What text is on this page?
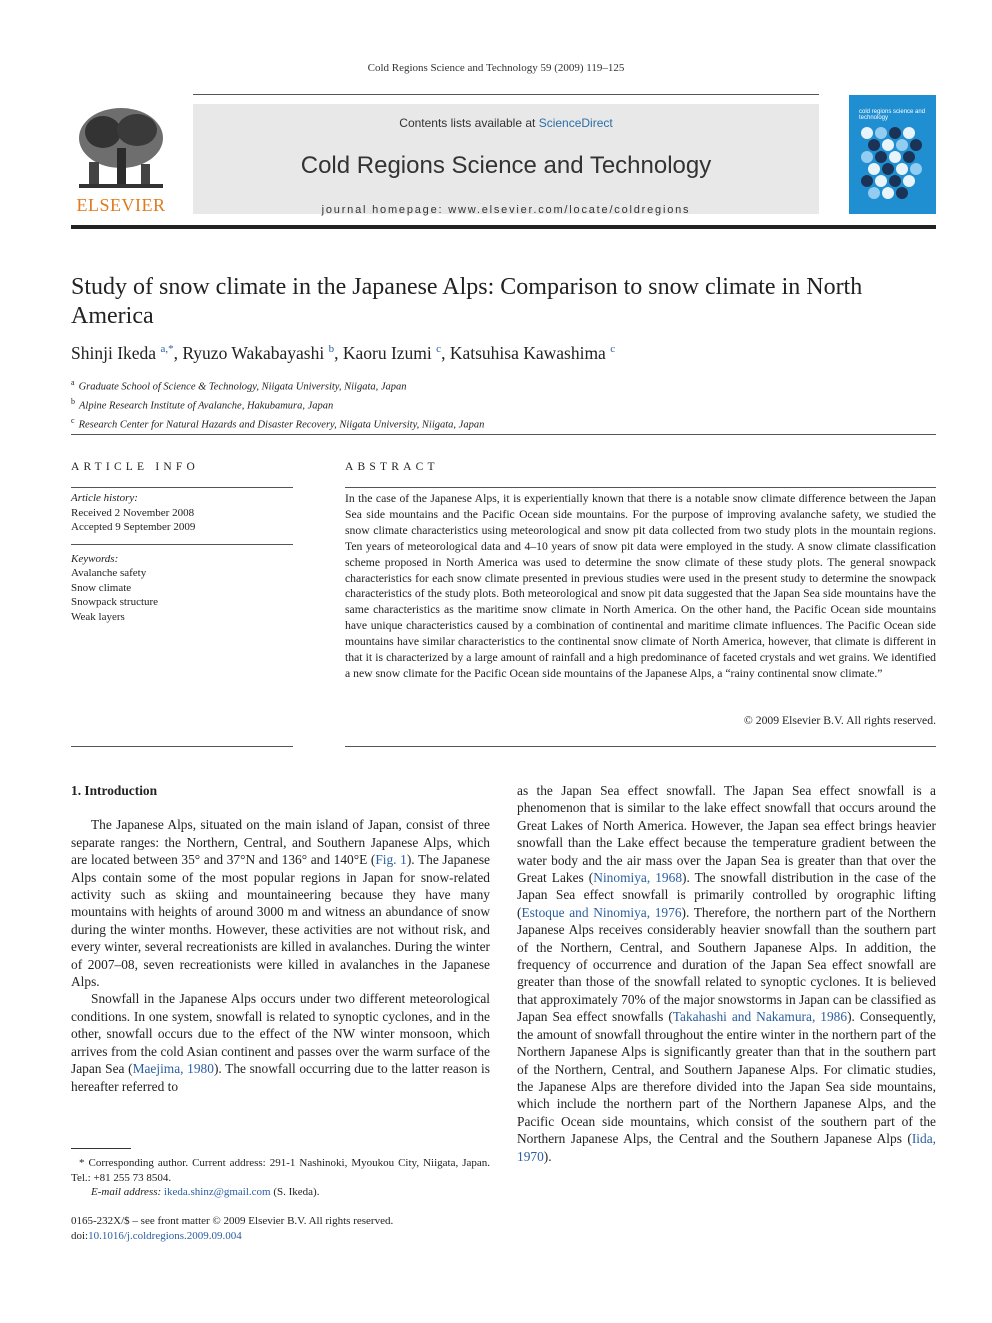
Cold Regions Science and Technology 59 (2009) 119–125
ELSEVIER
Contents lists available at ScienceDirect
Cold Regions Science and Technology
journal homepage: www.elsevier.com/locate/coldregions
cold regions science and technology
Study of snow climate in the Japanese Alps: Comparison to snow climate in North America
Shinji Ikeda $^{a,*}$, Ryuzo Wakabayashi $^b$, Kaoru Izumi $^c$, Katsuhisa Kawashima $^c$
$^a$ Graduate School of Science & Technology, Niigata University, Niigata, Japan
$^b$ Alpine Research Institute of Avalanche, Hakubamura, Japan
$^c$ Research Center for Natural Hazards and Disaster Recovery, Niigata University, Niigata, Japan
ARTICLE INFO	ABSTRACT
Article history:
Received 2 November 2008
Accepted 9 September 2009
Keywords:
Avalanche safety
Snow climate
Snowpack structure
Weak layers
In the case of the Japanese Alps, it is experientially known that there is a notable snow climate difference between the Japan Sea side mountains and the Pacific Ocean side mountains. For the purpose of improving avalanche safety, we studied the snow climate characteristics using meteorological and snow pit data collected from two study plots in the mountain regions. Ten years of meteorological data and 4–10 years of snow pit data were employed in the study. A snow climate classification scheme proposed in North America was used to determine the snow climate of these study plots. The general snowpack characteristics for each snow climate presented in previous studies were used in the present study to determine the snowpack characteristics of the study plots. Both meteorological and snow pit data suggested that the Japan Sea side mountains have the same characteristics as the maritime snow climate in North America. On the other hand, the Pacific Ocean side mountains have unique characteristics caused by a combination of continental and maritime climate influences. The Pacific Ocean side mountains have similar characteristics to the continental snow climate of North America, however, that climate is different in that it is characterized by a large amount of rainfall and a high predominance of faceted crystals and wet grains. We identified a new snow climate for the Pacific Ocean side mountains of the Japanese Alps, a “rainy continental snow climate.”
© 2009 Elsevier B.V. All rights reserved.
1. Introduction

The Japanese Alps, situated on the main island of Japan, consist of three separate ranges: the Northern, Central, and Southern Japanese Alps, which are located between 35° and 37°N and 136° and 140°E (Fig. 1). The Japanese Alps contain some of the most popular regions in Japan for snow-related activity such as skiing and mountaineering because they have many mountains with heights of around 3000 m and witness an abundance of snow during the winter months. However, these activities are not without risk, and every winter, several recreationists are killed in avalanches. During the winter of 2007–08, seven recreationists were killed in avalanches in the Japanese Alps.

Snowfall in the Japanese Alps occurs under two different meteorological conditions. In one system, snowfall is related to synoptic cyclones, and in the other, snowfall occurs due to the effect of the NW winter monsoon, which arrives from the cold Asian continent and passes over the warm surface of the Japan Sea (Maejima, 1980). The snowfall occurring due to the latter reason is hereafter referred to

as the Japan Sea effect snowfall. The Japan Sea effect snowfall is a phenomenon that is similar to the lake effect snowfall that occurs around the Great Lakes of North America. However, the Japan sea effect brings heavier snowfall than the Lake effect because the temperature gradient between the water body and the air mass over the Japan Sea is greater than that over the Great Lakes (Ninomiya, 1968). The snowfall distribution in the case of the Japan Sea effect snowfall is primarily controlled by orographic lifting (Estoque and Ninomiya, 1976). Therefore, the northern part of the Northern Japanese Alps receives considerably heavier snowfall than the southern part of the Northern, Central, and Southern Japanese Alps. In addition, the frequency of occurrence and duration of the Japan Sea effect snowfall are greater than those of the snowfall related to synoptic cyclones. It is believed that approximately 70% of the major snowstorms in Japan can be classified as Japan Sea effect snowfalls (Takahashi and Nakamura, 1986). Consequently, the amount of snowfall throughout the entire winter in the northern part of the Northern Japanese Alps is significantly greater than that in the southern part of the Northern, Central, and Southern Japanese Alps. For climatic studies, the Japanese Alps are therefore divided into the Japan Sea side mountains, which include the northern part of the Northern Japanese Alps, and the Pacific Ocean side mountains, which consist of the southern part of the Northern Japanese Alps, the Central and the Southern Japanese Alps (Iida, 1970).

* Corresponding author. Current address: 291-1 Nashinoki, Myoukou City, Niigata, Japan. Tel.: +81 255 73 8504.
E-mail address: ikeda.shinz@gmail.com (S. Ikeda).
0165-232X/$ – see front matter © 2009 Elsevier B.V. All rights reserved.
doi:10.1016/j.coldregions.2009.09.004
